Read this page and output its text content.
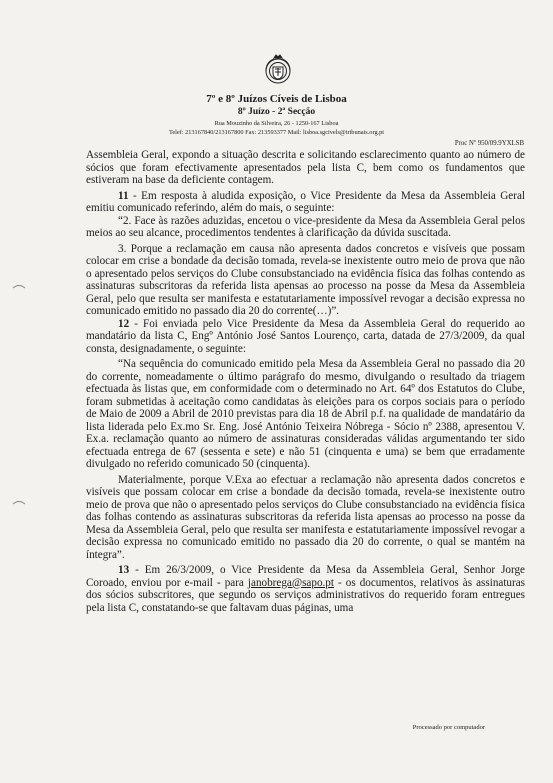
7º e 8º Juízos Cíveis de Lisboa
8º Juízo - 2ª Secção
Rua Mouzinho da Silveira, 26 - 1250-167 Lisboa
Telef: 213167840/213167800 Fax: 213593377 Mail: lisboa.sgcivels@tribunais.org.pt
Proc Nº 950/09.9YXLSB

Assembleia Geral, expondo a situação descrita e solicitando esclarecimento quanto ao número de sócios que foram efectivamente apresentados pela lista C, bem como os fundamentos que estiveram na base da deficiente contagem.

11 - Em resposta à aludida exposição, o Vice Presidente da Mesa da Assembleia Geral emitiu comunicado referindo, além do mais, o seguinte:

“2. Face às razões aduzidas, encetou o vice-presidente da Mesa da Assembleia Geral pelos meios ao seu alcance, procedimentos tendentes à clarificação da dúvida suscitada.

3. Porque a reclamação em causa não apresenta dados concretos e visíveis que possam colocar em crise a bondade da decisão tomada, revela-se inexistente outro meio de prova que não o apresentado pelos serviços do Clube consubstanciado na evidência física das folhas contendo as assinaturas subscritoras da referida lista apensas ao processo na posse da Mesa da Assembleia Geral, pelo que resulta ser manifesta e estatutariamente impossível revogar a decisão expressa no comunicado emitido no passado dia 20 do corrente(…)”.

12 - Foi enviada pelo Vice Presidente da Mesa da Assembleia Geral do requerido ao mandatário da lista C, Engº António José Santos Lourenço, carta, datada de 27/3/2009, da qual consta, designadamente, o seguinte:

“Na sequência do comunicado emitido pela Mesa da Assembleia Geral no passado dia 20 do corrente, nomeadamente o último parágrafo do mesmo, divulgando o resultado da triagem efectuada às listas que, em conformidade com o determinado no Art. 64º dos Estatutos do Clube, foram submetidas à aceitação como candidatas às eleições para os corpos sociais para o período de Maio de 2009 a Abril de 2010 previstas para dia 18 de Abril p.f. na qualidade de mandatário da lista liderada pelo Ex.mo Sr. Eng. José António Teixeira Nóbrega - Sócio nº 2388, apresentou V. Ex.a. reclamação quanto ao número de assinaturas consideradas válidas argumentando ter sido efectuada entrega de 67 (sessenta e sete) e não 51 (cinquenta e uma) se bem que erradamente divulgado no referido comunicado 50 (cinquenta).

Materialmente, porque V.Exa ao efectuar a reclamação não apresenta dados concretos e visíveis que possam colocar em crise a bondade da decisão tomada, revela-se inexistente outro meio de prova que não o apresentado pelos serviços do Clube consubstanciado na evidência física das folhas contendo as assinaturas subscritoras da referida lista apensas ao processo na posse da Mesa da Assembleia Geral, pelo que resulta ser manifesta e estatutariamente impossível revogar a decisão expressa no comunicado emitido no passado dia 20 do corrente, o qual se mantém na íntegra”.

13 - Em 26/3/2009, o Vice Presidente da Mesa da Assembleia Geral, Senhor Jorge Coroado, enviou por e-mail - para janobrega@sapo.pt - os documentos, relativos às assinaturas dos sócios subscritores, que segundo os serviços administrativos do requerido foram entregues pela lista C, constatando-se que faltavam duas páginas, uma

Processado por computador
